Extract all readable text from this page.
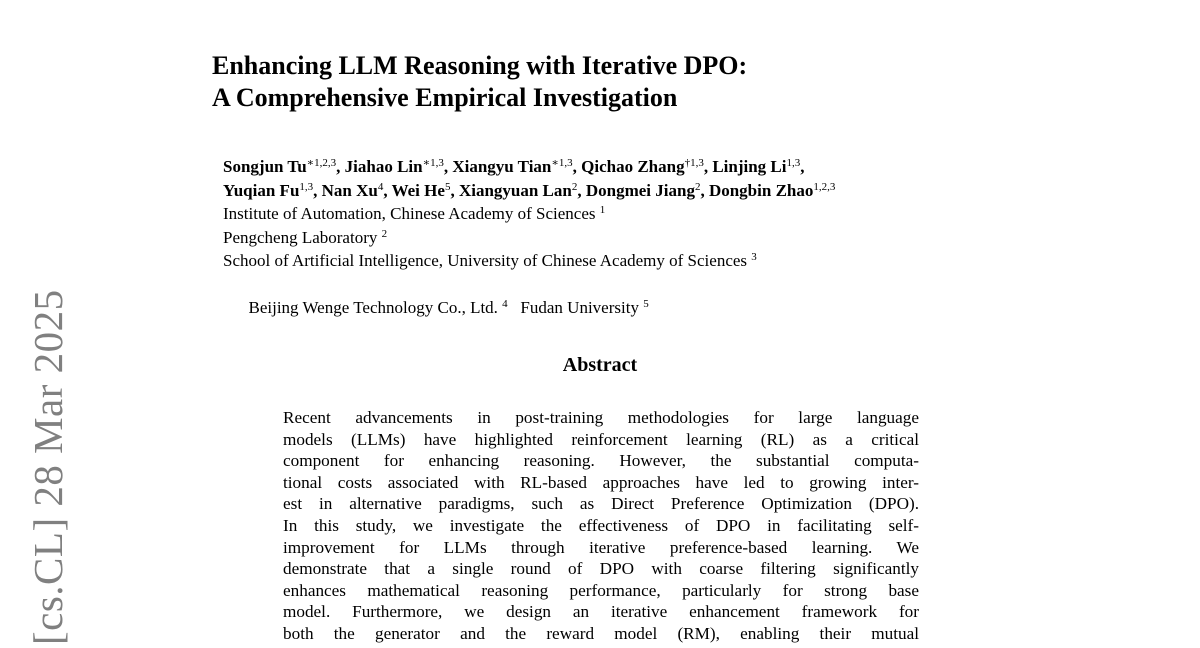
[cs.CL] 28 Mar 2025
Enhancing LLM Reasoning with Iterative DPO:
A Comprehensive Empirical Investigation
Songjun $Tu^{∗1,2,3}$, Jiahao Lin$^{∗1,3}$, Xiangyu Tian$^{∗1,3}$, Qichao Zhang$^{\dagger 1,3}$, Linjing Li$^{1,3}$,
Yuqian Fu$^{1,3}$, Nan Xu$^4$, Wei He$^5$, Xiangyuan Lan$^2$, Dongmei Jiang$^2$, Dongbin Zhao$^{1,2,3}$
Institute of Automation, Chinese Academy of Sciences $^1$
Pengcheng Laboratory $^2$
School of Artificial Intelligence, University of Chinese Academy of Sciences $^3$

Beijing Wenge Technology Co., Ltd. $^4$   Fudan University $^5$

Abstract
Recent advancements in post-training methodologies for large language
models (LLMs) have highlighted reinforcement learning (RL) as a critical
component for enhancing reasoning. However, the substantial computa-
tional costs associated with RL-based approaches have led to growing inter-
est in alternative paradigms, such as Direct Preference Optimization (DPO).
In this study, we investigate the effectiveness of DPO in facilitating self-
improvement for LLMs through iterative preference-based learning. We
demonstrate that a single round of DPO with coarse filtering significantly
enhances mathematical reasoning performance, particularly for strong base
model. Furthermore, we design an iterative enhancement framework for
both the generator and the reward model (RM), enabling their mutual
